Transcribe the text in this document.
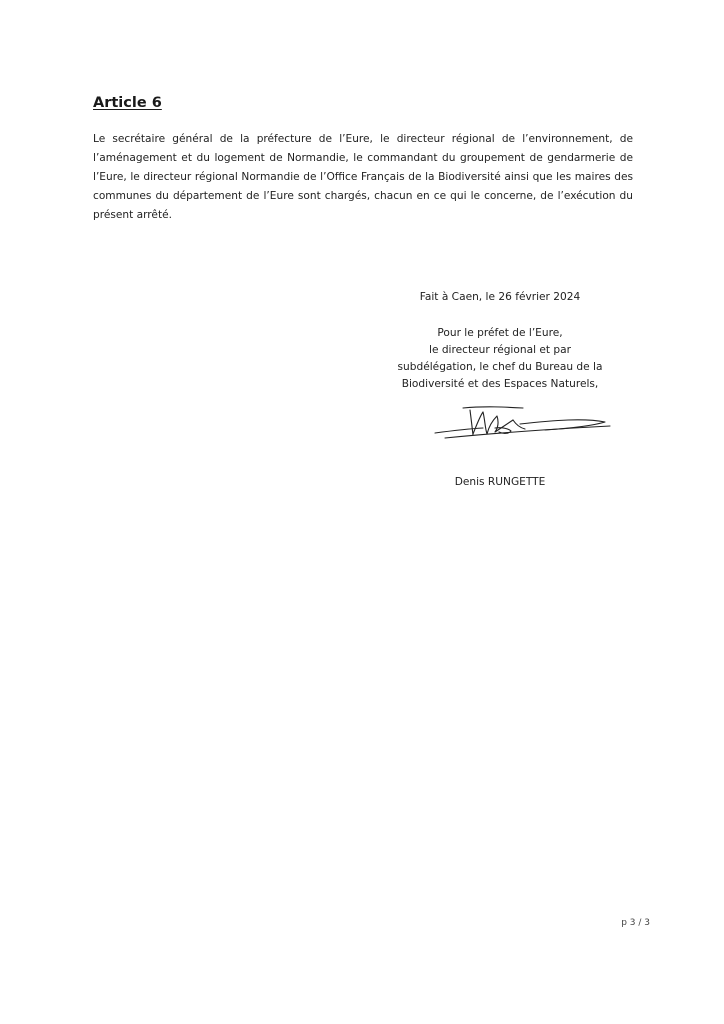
Article 6

Le secrétaire général de la préfecture de l’Eure, le directeur régional de l’environnement, de l’aménagement et du logement de Normandie, le commandant du groupement de gendarmerie de l’Eure, le directeur régional Normandie de l’Office Français de la Biodiversité ainsi que les maires des communes du département de l’Eure sont chargés, chacun en ce qui le concerne, de l’exécution du présent arrêté.

Fait à Caen, le 26 février 2024

Pour le préfet de l’Eure,
le directeur régional et par
subdélégation, le chef du Bureau de la
Biodiversité et des Espaces Naturels,

Denis RUNGETTE

p 3 / 3
